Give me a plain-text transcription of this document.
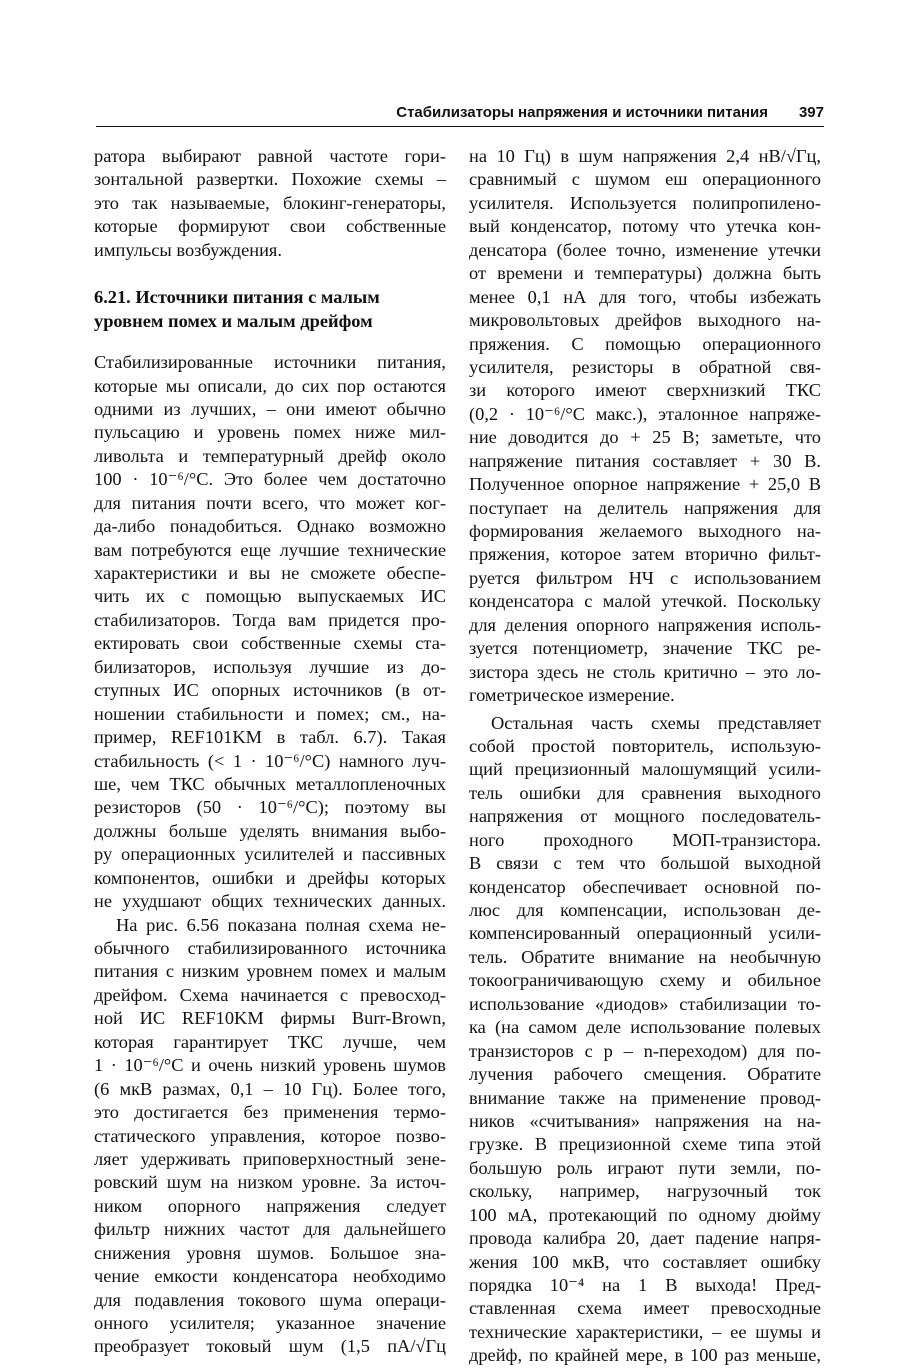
Стабилизаторы напряжения и источники питания 397
ратора выбирают равной частоте гори-
зонтальной развертки. Похожие схемы –
это так называемые, блокинг-генераторы,
которые формируют свои собственные
импульсы возбуждения.
6.21. Источники питания с малым
уровнем помех и малым дрейфом
Стабилизированные источники питания,
которые мы описали, до сих пор остаются
одними из лучших, – они имеют обычно
пульсацию и уровень помех ниже мил-
ливольта и температурный дрейф около
100 · 10⁻⁶/°С. Это более чем достаточно
для питания почти всего, что может ког-
да-либо понадобиться. Однако возможно
вам потребуются еще лучшие технические
характеристики и вы не сможете обеспе-
чить их с помощью выпускаемых ИС
стабилизаторов. Тогда вам придется про-
ектировать свои собственные схемы ста-
билизаторов, используя лучшие из до-
ступных ИС опорных источников (в от-
ношении стабильности и помех; см., на-
пример, REF101KM в табл. 6.7). Такая
стабильность (< 1 · 10⁻⁶/°С) намного луч-
ше, чем ТКС обычных металлопленочных
резисторов (50 · 10⁻⁶/°С); поэтому вы
должны больше уделять внимания выбо-
ру операционных усилителей и пассивных
компонентов, ошибки и дрейфы которых
не ухудшают общих технических данных.
На рис. 6.56 показана полная схема не-
обычного стабилизированного источника
питания с низким уровнем помех и малым
дрейфом. Схема начинается с превосход-
ной ИС REF10KM фирмы Burr-Brown,
которая гарантирует ТКС лучше, чем
1 · 10⁻⁶/°С и очень низкий уровень шумов
(6 мкВ размах, 0,1 – 10 Гц). Более того,
это достигается без применения термо-
статического управления, которое позво-
ляет удерживать приповерхностный зене-
ровский шум на низком уровне. За источ-
ником опорного напряжения следует
фильтр нижних частот для дальнейшего
снижения уровня шумов. Большое зна-
чение емкости конденсатора необходимо
для подавления токового шума операци-
онного усилителя; указанное значение
преобразует токовый шум (1,5 пА/√Гц
на 10 Гц) в шум напряжения 2,4 нВ/√Гц,
сравнимый с шумом eш операционного
усилителя. Используется полипропилено-
вый конденсатор, потому что утечка кон-
денсатора (более точно, изменение утечки
от времени и температуры) должна быть
менее 0,1 нА для того, чтобы избежать
микровольтовых дрейфов выходного на-
пряжения. С помощью операционного
усилителя, резисторы в обратной свя-
зи которого имеют сверхнизкий ТКС
(0,2 · 10⁻⁶/°С макс.), эталонное напряже-
ние доводится до + 25 В; заметьте, что
напряжение питания составляет + 30 В.
Полученное опорное напряжение + 25,0 В
поступает на делитель напряжения для
формирования желаемого выходного на-
пряжения, которое затем вторично фильт-
руется фильтром НЧ с использованием
конденсатора с малой утечкой. Поскольку
для деления опорного напряжения исполь-
зуется потенциометр, значение ТКС ре-
зистора здесь не столь критично – это ло-
гометрическое измерение.
Остальная часть схемы представляет
собой простой повторитель, использую-
щий прецизионный малошумящий усили-
тель ошибки для сравнения выходного
напряжения от мощного последователь-
ного проходного МОП-транзистора.
В связи с тем что большой выходной
конденсатор обеспечивает основной по-
люс для компенсации, использован де-
компенсированный операционный усили-
тель. Обратите внимание на необычную
токоограничивающую схему и обильное
использование «диодов» стабилизации то-
ка (на самом деле использование полевых
транзисторов с p – n-переходом) для по-
лучения рабочего смещения. Обратите
внимание также на применение провод-
ников «считывания» напряжения на на-
грузке. В прецизионной схеме типа этой
большую роль играют пути земли, по-
скольку, например, нагрузочный ток
100 мА, протекающий по одному дюйму
провода калибра 20, дает падение напря-
жения 100 мкВ, что составляет ошибку
порядка 10⁻⁴ на 1 В выхода! Пред-
ставленная схема имеет превосходные
технические характеристики, – ее шумы и
дрейф, по крайней мере, в 100 раз меньше,
